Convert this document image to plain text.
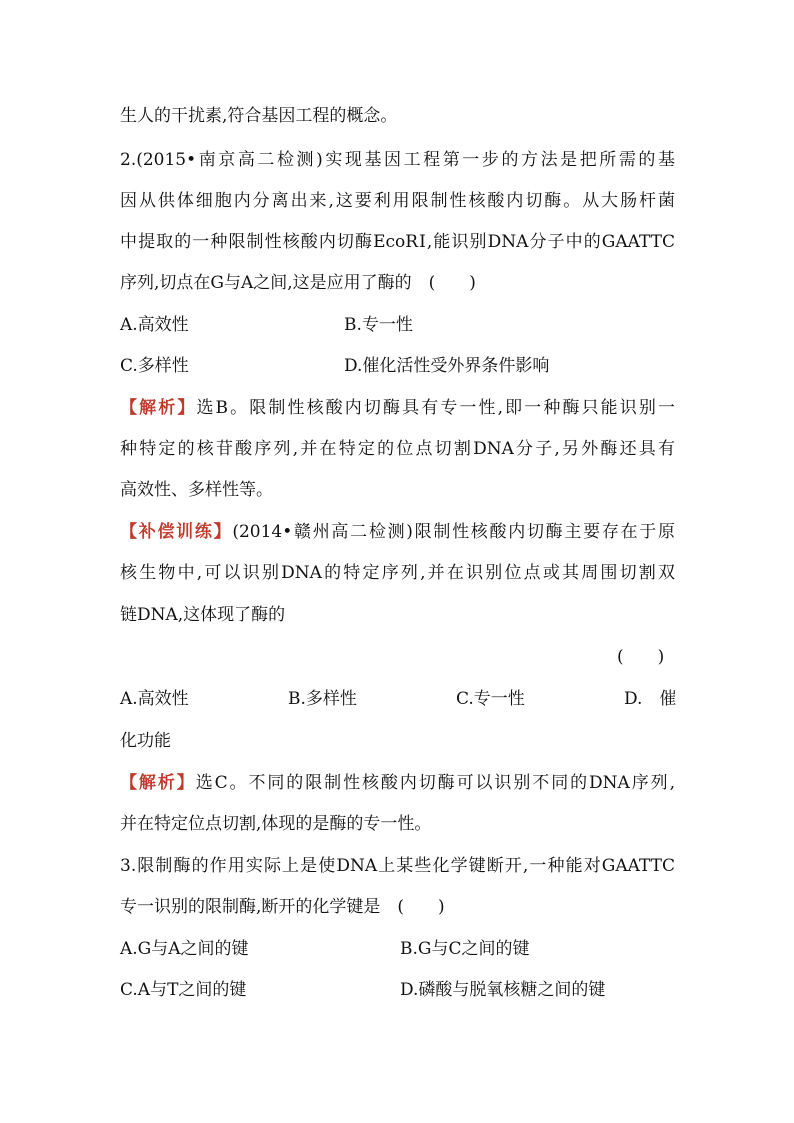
生人的干扰素,符合基因工程的概念。
2.(2015•南京高二检测)实现基因工程第一步的方法是把所需的基
因从供体细胞内分离出来,这要利用限制性核酸内切酶。从大肠杆菌
中提取的一种限制性核酸内切酶EcoRⅠ,能识别DNA分子中的GAATTC
序列,切点在G与A之间,这是应用了酶的　(　　)
A.高效性	B.专一性
C.多样性	D.催化活性受外界条件影响
【解析】选B。限制性核酸内切酶具有专一性,即一种酶只能识别一
种特定的核苷酸序列,并在特定的位点切割DNA分子,另外酶还具有
高效性、多样性等。
【补偿训练】(2014•赣州高二检测)限制性核酸内切酶主要存在于原
核生物中,可以识别DNA的特定序列,并在识别位点或其周围切割双
链DNA,这体现了酶的
(　　)
A.高效性	B.多样性	C.专一性	D.　催
化功能
【解析】选C。不同的限制性核酸内切酶可以识别不同的DNA序列,
并在特定位点切割,体现的是酶的专一性。
3.限制酶的作用实际上是使DNA上某些化学键断开,一种能对GAATTC
专一识别的限制酶,断开的化学键是　(　　)
A.G与A之间的键	B.G与C之间的键
C.A与T之间的键	D.磷酸与脱氧核糖之间的键
